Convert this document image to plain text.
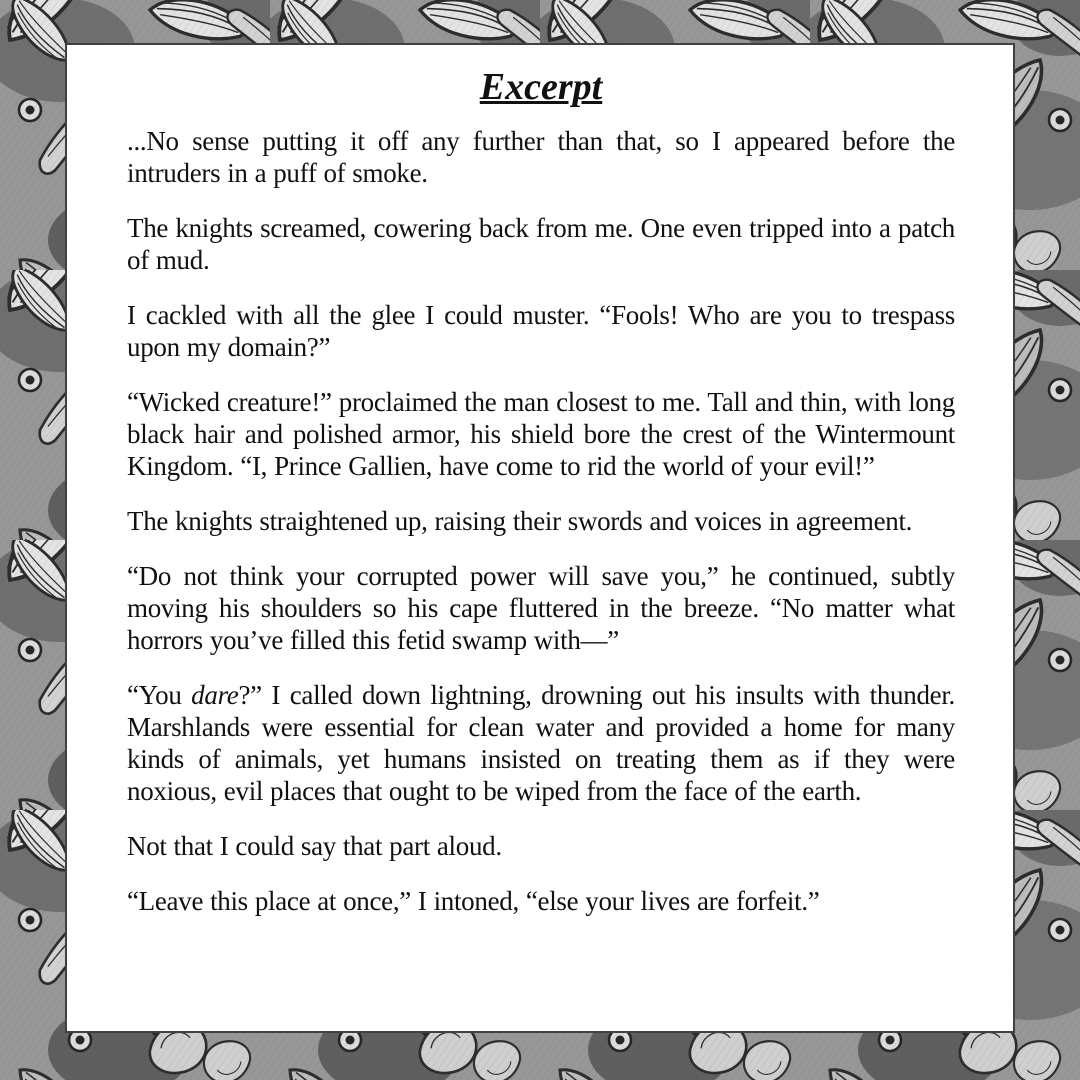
Excerpt

...No sense putting it off any further than that, so I appeared before the intruders in a puff of smoke.

The knights screamed, cowering back from me. One even tripped into a patch of mud.

I cackled with all the glee I could muster. “Fools! Who are you to trespass upon my domain?”

“Wicked creature!” proclaimed the man closest to me. Tall and thin, with long black hair and polished armor, his shield bore the crest of the Wintermount Kingdom. “I, Prince Gallien, have come to rid the world of your evil!”

The knights straightened up, raising their swords and voices in agreement.

“Do not think your corrupted power will save you,” he continued, subtly moving his shoulders so his cape fluttered in the breeze. “No matter what horrors you’ve filled this fetid swamp with—”

“You dare?” I called down lightning, drowning out his insults with thunder. Marshlands were essential for clean water and provided a home for many kinds of animals, yet humans insisted on treating them as if they were noxious, evil places that ought to be wiped from the face of the earth.

Not that I could say that part aloud.

“Leave this place at once,” I intoned, “else your lives are forfeit.”
